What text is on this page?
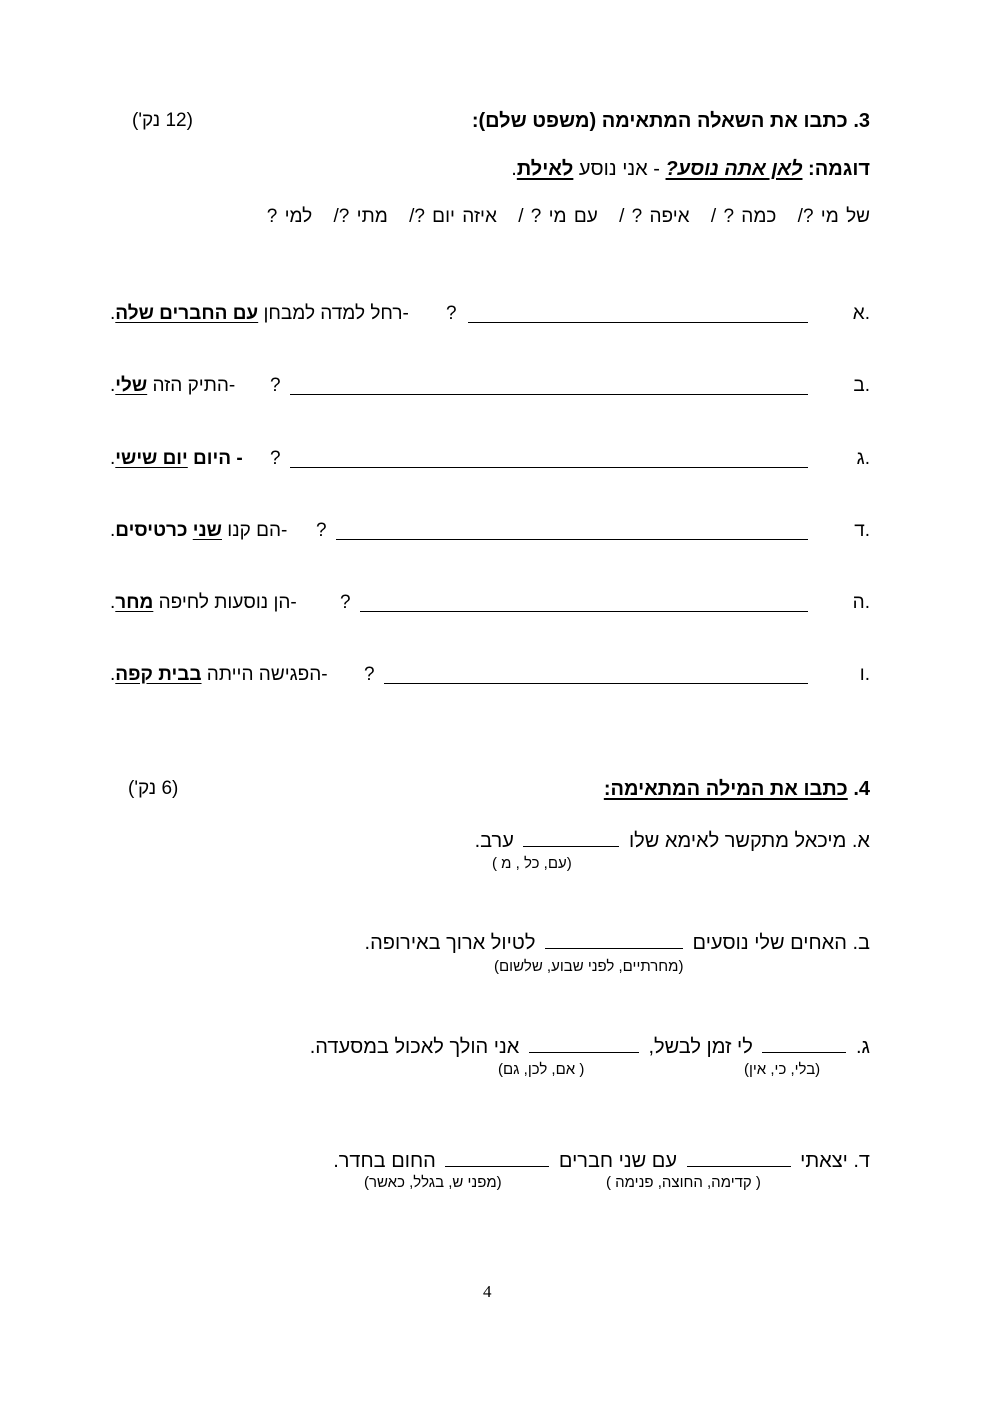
3. כתבו את השאלה המתאימה (משפט שלם):
(12 נק')
דוגמה: לאן אתה נוסע? - אני נוסע לאילת.
של מי ?/ כמה ? / איפה ? / עם מי ? / איזה יום ?/ מתי ?/ למי ?
א.
?
-רחל למדה למבחן עם החברים שלה.
ב.
?
-התיק הזה שלי.
ג.
?
- היום יום שישי.
ד.
?
-הם קנו שני כרטיסים.
ה.
?
-הן נוסעות לחיפה מחר.
ו.
?
-הפגישה הייתה בבית קפה.
4. כתבו את המילה המתאימה:
(6 נק')
א. מיכאל מתקשר לאימא שלו  ערב.
(עם, כל , מ )
ב. האחים שלי נוסעים  לטיול ארוך באירופה.
(מחרתיים, לפני שבוע, שלשום)
ג.  לי זמן לבשל,  אני הולך לאכול במסעדה.
(בלי, כי, אין)
( אם, לכן, גם)
ד. יצאתי  עם שני חברים  החום בחדר.
( קדימה, החוצה, פנימה )
(מפני ש, בגלל, כאשר)
4
